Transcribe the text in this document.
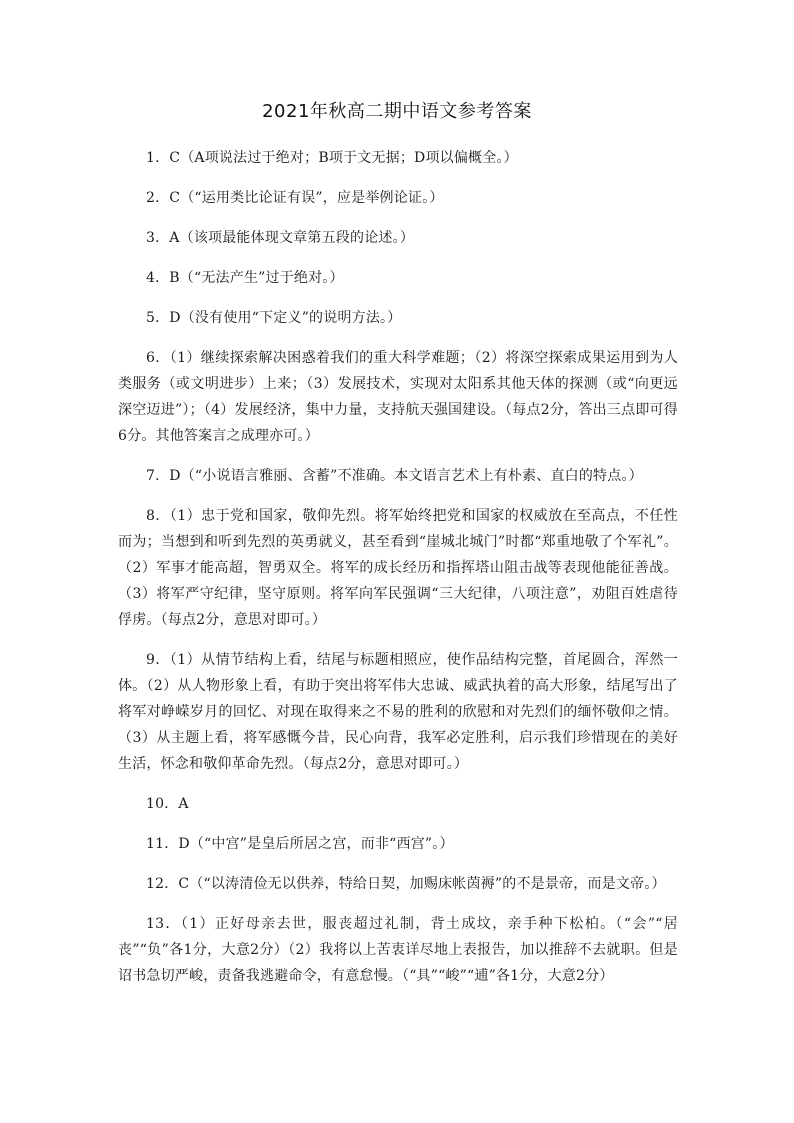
2021年秋高二期中语文参考答案

1．C（A项说法过于绝对；B项于文无据；D项以偏概全。）

2．C（“运用类比论证有误”，应是举例论证。）

3．A（该项最能体现文章第五段的论述。）

4．B（“无法产生”过于绝对。）

5．D（没有使用“下定义”的说明方法。）

6．（1）继续探索解决困惑着我们的重大科学难题；（2）将深空探索成果运用到为人类服务（或文明进步）上来；（3）发展技术，实现对太阳系其他天体的探测（或“向更远深空迈进”）；（4）发展经济，集中力量，支持航天强国建设。（每点2分，答出三点即可得6分。其他答案言之成理亦可。）

7．D（“小说语言雅丽、含蓄”不准确。本文语言艺术上有朴素、直白的特点。）

8．（1）忠于党和国家，敬仰先烈。将军始终把党和国家的权威放在至高点，不任性而为；当想到和听到先烈的英勇就义，甚至看到“崖城北城门”时都“郑重地敬了个军礼”。（2）军事才能高超，智勇双全。将军的成长经历和指挥塔山阻击战等表现他能征善战。（3）将军严守纪律，坚守原则。将军向军民强调“三大纪律，八项注意”，劝阻百姓虐待俘虏。（每点2分，意思对即可。）

9．（1）从情节结构上看，结尾与标题相照应，使作品结构完整，首尾圆合，浑然一体。（2）从人物形象上看，有助于突出将军伟大忠诚、威武执着的高大形象，结尾写出了将军对峥嵘岁月的回忆、对现在取得来之不易的胜利的欣慰和对先烈们的缅怀敬仰之情。（3）从主题上看，将军感慨今昔，民心向背，我军必定胜利，启示我们珍惜现在的美好生活，怀念和敬仰革命先烈。（每点2分，意思对即可。）

10．A

11．D（“中宫”是皇后所居之宫，而非“西宫”。）

12．C（“以涛清俭无以供养，特给日契，加赐床帐茵褥”的不是景帝，而是文帝。）

13．（1）正好母亲去世，服丧超过礼制，背土成坟，亲手种下松柏。（“会”“居丧”“负”各1分，大意2分）（2）我将以上苦衷详尽地上表报告，加以推辞不去就职。但是诏书急切严峻，责备我逃避命令，有意怠慢。（“具”“峻”“逋”各1分，大意2分）
